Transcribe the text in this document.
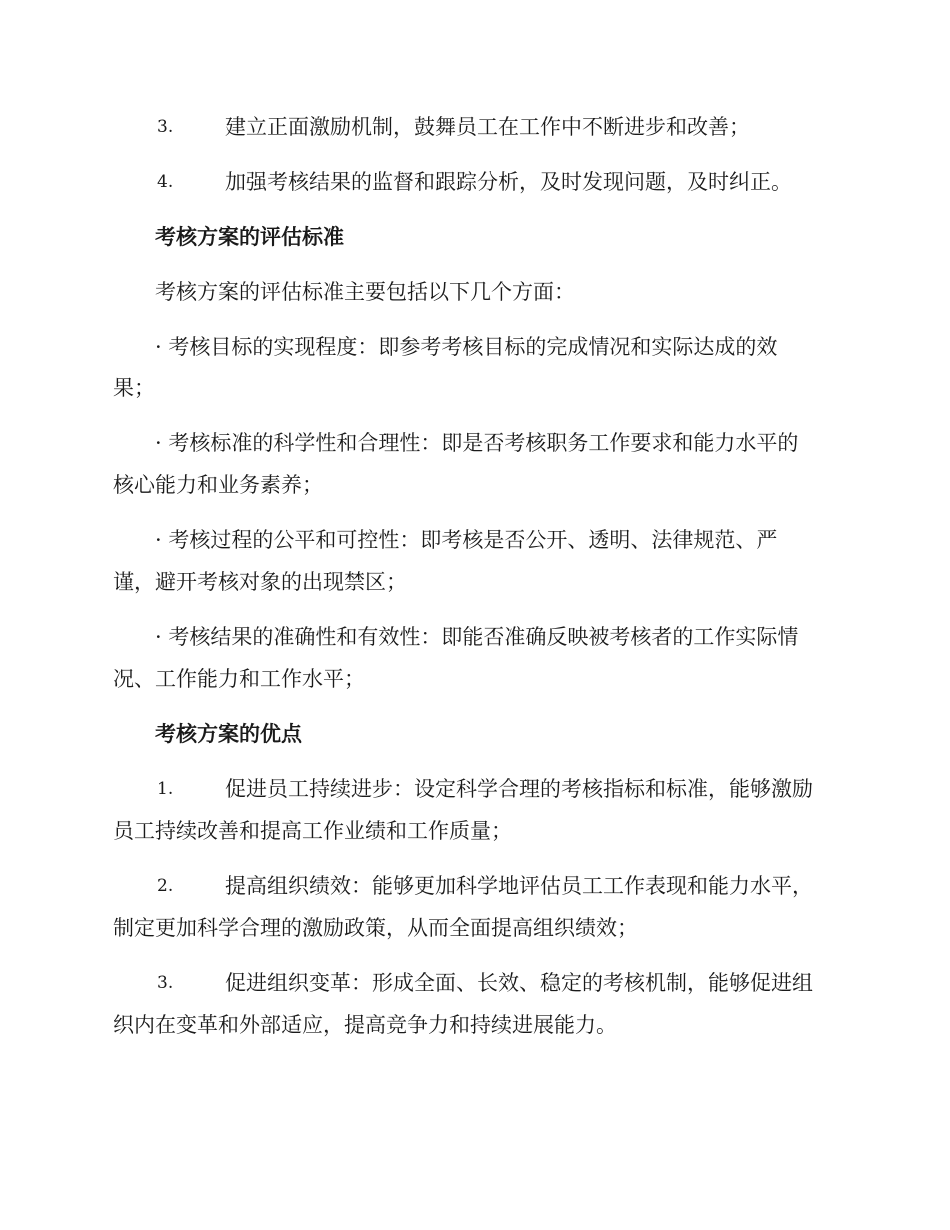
3. 建立正面激励机制，鼓舞员工在工作中不断进步和改善；
4. 加强考核结果的监督和跟踪分析，及时发现问题，及时纠正。
考核方案的评估标准
考核方案的评估标准主要包括以下几个方面：
· 考核目标的实现程度：即参考考核目标的完成情况和实际达成的效
果；
· 考核标准的科学性和合理性：即是否考核职务工作要求和能力水平的
核心能力和业务素养；
· 考核过程的公平和可控性：即考核是否公开、透明、法律规范、严
谨，避开考核对象的出现禁区；
· 考核结果的准确性和有效性：即能否准确反映被考核者的工作实际情
况、工作能力和工作水平；
考核方案的优点
1. 促进员工持续进步：设定科学合理的考核指标和标准，能够激励
员工持续改善和提高工作业绩和工作质量；
2. 提高组织绩效：能够更加科学地评估员工工作表现和能力水平，
制定更加科学合理的激励政策，从而全面提高组织绩效；
3. 促进组织变革：形成全面、长效、稳定的考核机制，能够促进组
织内在变革和外部适应，提高竞争力和持续进展能力。
